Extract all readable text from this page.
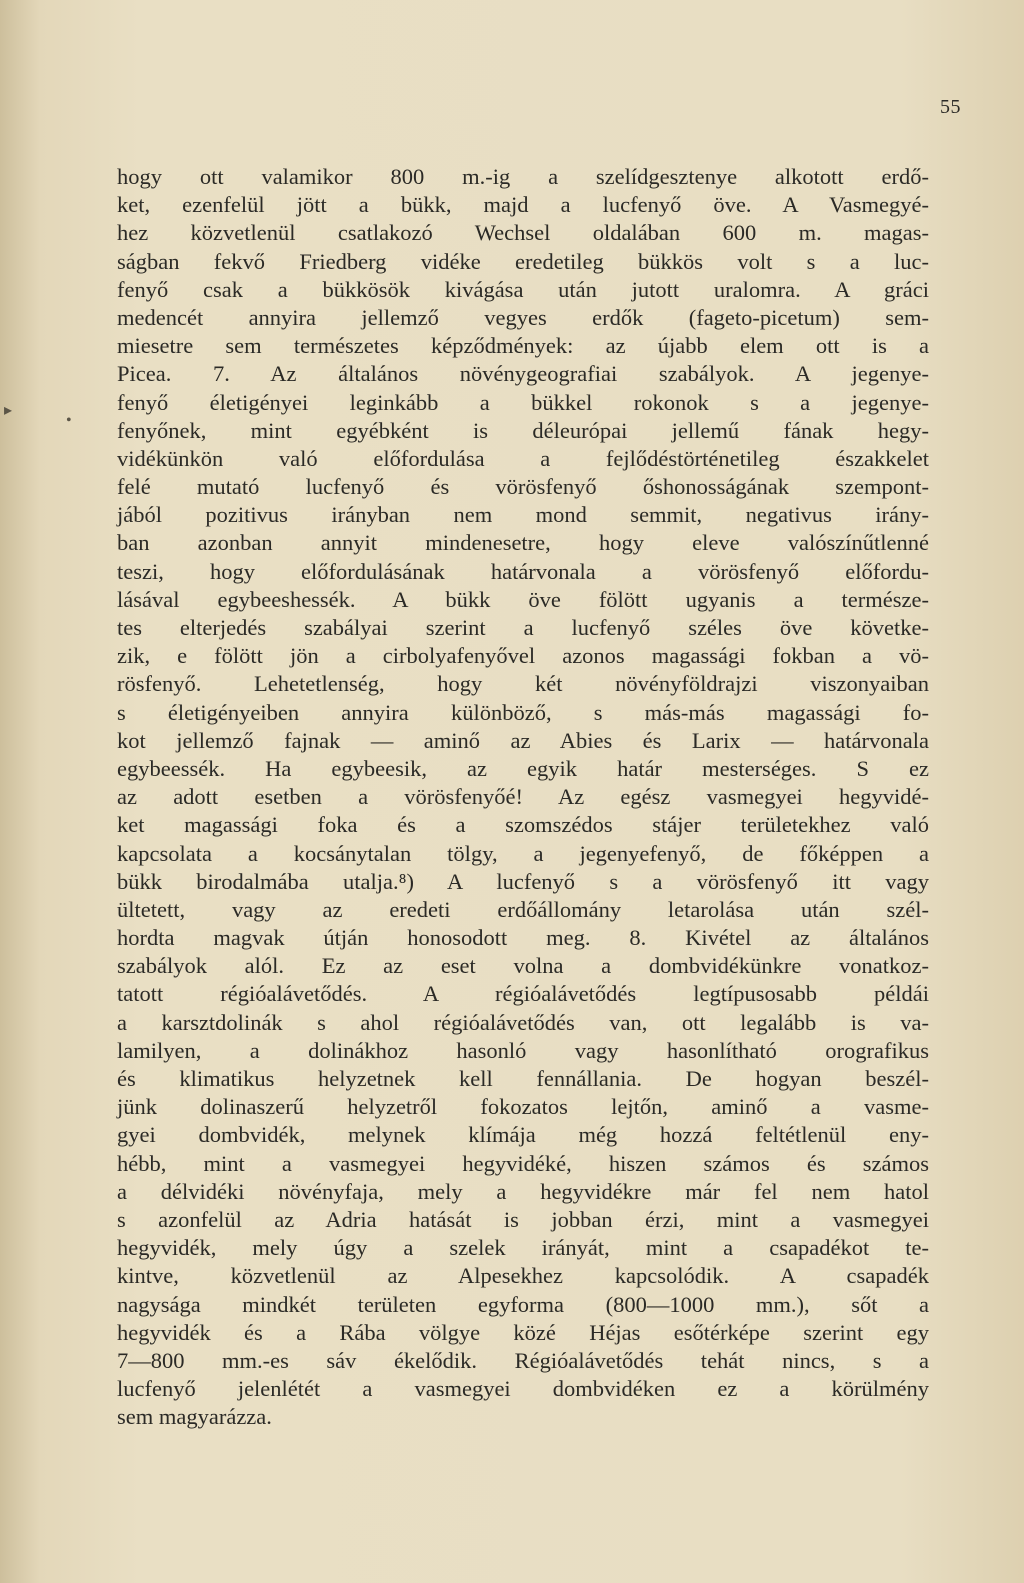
55
▸
•
hogy ott valamikor 800 m.-ig a szelídgesztenye alkotott erdő-
ket, ezenfelül jött a bükk, majd a lucfenyő öve. A Vasmegyé-
hez közvetlenül csatlakozó Wechsel oldalában 600 m. magas-
ságban fekvő Friedberg vidéke eredetileg bükkös volt s a luc-
fenyő csak a bükkösök kivágása után jutott uralomra. A gráci
medencét annyira jellemző vegyes erdők (fageto-picetum) sem-
miesetre sem természetes képződmények: az újabb elem ott is a
Picea. 7. Az általános növénygeografiai szabályok. A jegenye-
fenyő életigényei leginkább a bükkel rokonok s a jegenye-
fenyőnek, mint egyébként is déleurópai jellemű fának hegy-
vidékünkön való előfordulása a fejlődéstörténetileg északkelet
felé mutató lucfenyő és vörösfenyő őshonosságának szempont-
jából pozitivus irányban nem mond semmit, negativus irány-
ban azonban annyit mindenesetre, hogy eleve valószínűtlenné
teszi, hogy előfordulásának határvonala a vörösfenyő előfordu-
lásával egybeeshessék. A bükk öve fölött ugyanis a természe-
tes elterjedés szabályai szerint a lucfenyő széles öve követke-
zik, e fölött jön a cirbolyafenyővel azonos magassági fokban a vö-
rösfenyő. Lehetetlenség, hogy két növényföldrajzi viszonyaiban
s életigényeiben annyira különböző, s más-más magassági fo-
kot jellemző fajnak — aminő az Abies és Larix — határvonala
egybeessék. Ha egybeesik, az egyik határ mesterséges. S ez
az adott esetben a vörösfenyőé! Az egész vasmegyei hegyvidé-
ket magassági foka és a szomszédos stájer területekhez való
kapcsolata a kocsánytalan tölgy, a jegenyefenyő, de főképpen a
bükk birodalmába utalja.⁸) A lucfenyő s a vörösfenyő itt vagy
ültetett, vagy az eredeti erdőállomány letarolása után szél-
hordta magvak útján honosodott meg. 8. Kivétel az általános
szabályok alól. Ez az eset volna a dombvidékünkre vonatkoz-
tatott régióalávetődés. A régióalávetődés legtípusosabb példái
a karsztdolinák s ahol régióalávetődés van, ott legalább is va-
lamilyen, a dolinákhoz hasonló vagy hasonlítható orografikus
és klimatikus helyzetnek kell fennállania. De hogyan beszél-
jünk dolinaszerű helyzetről fokozatos lejtőn, aminő a vasme-
gyei dombvidék, melynek klímája még hozzá feltétlenül eny-
hébb, mint a vasmegyei hegyvidéké, hiszen számos és számos
a délvidéki növényfaja, mely a hegyvidékre már fel nem hatol
s azonfelül az Adria hatását is jobban érzi, mint a vasmegyei
hegyvidék, mely úgy a szelek irányát, mint a csapadékot te-
kintve, közvetlenül az Alpesekhez kapcsolódik. A csapadék
nagysága mindkét területen egyforma (800—1000 mm.), sőt a
hegyvidék és a Rába völgye közé Héjas esőtérképe szerint egy
7—800 mm.-es sáv ékelődik. Régióalávetődés tehát nincs, s a
lucfenyő jelenlétét a vasmegyei dombvidéken ez a körülmény
sem magyarázza.
